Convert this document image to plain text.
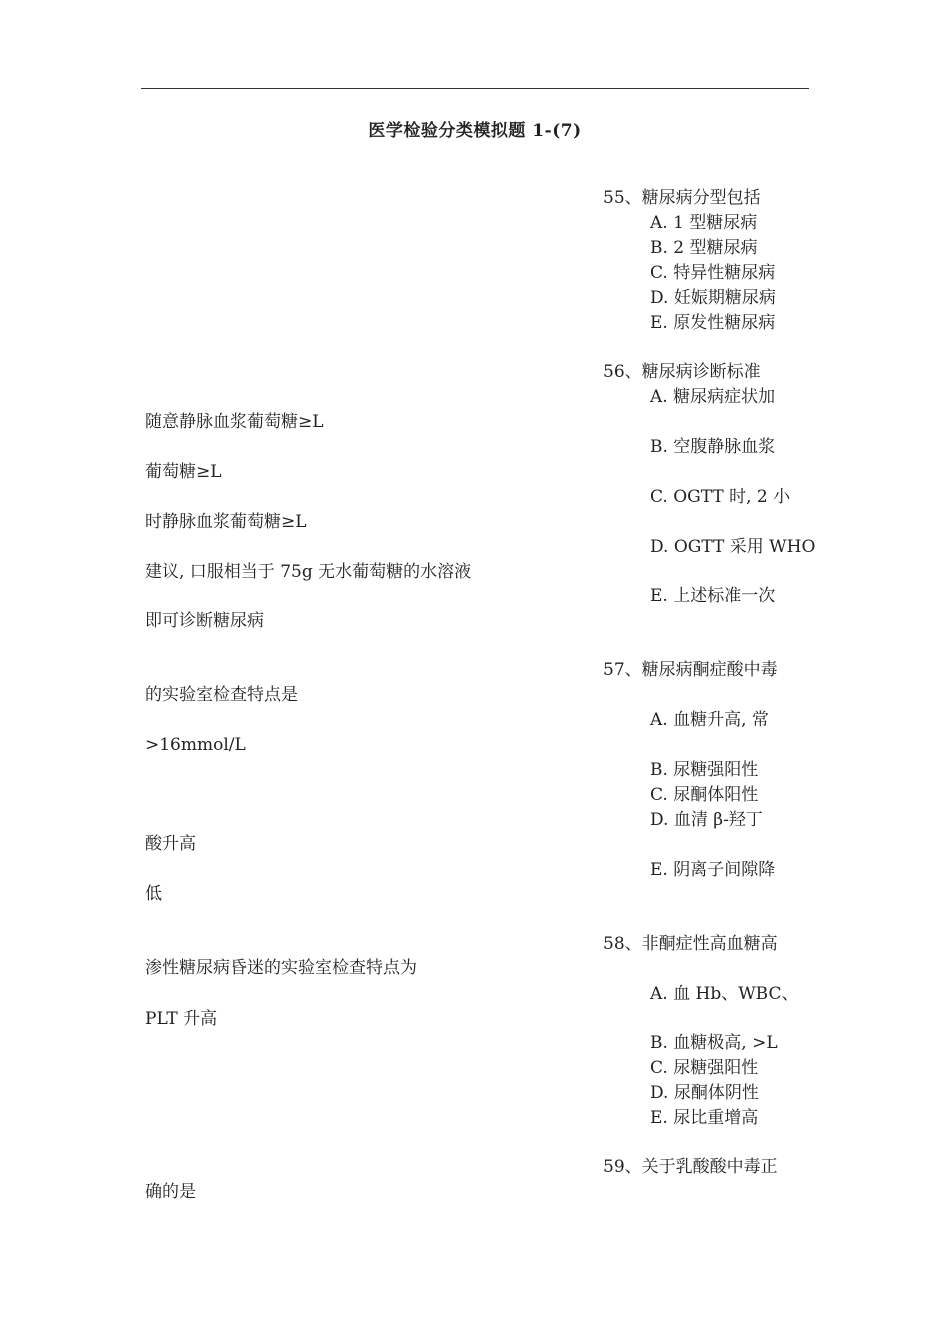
医学检验分类模拟题 1-(7)
55、糖尿病分型包括
A. 1 型糖尿病
B. 2 型糖尿病
C. 特异性糖尿病
D. 妊娠期糖尿病
E. 原发性糖尿病
56、糖尿病诊断标准
A. 糖尿病症状加
B. 空腹静脉血浆
C. OGTT 时, 2 小
D. OGTT 采用 WHO
E. 上述标准一次
57、糖尿病酮症酸中毒
A. 血糖升高, 常
B. 尿糖强阳性
C. 尿酮体阳性
D. 血清 β-羟丁
E. 阴离子间隙降
58、非酮症性高血糖高
A. 血 Hb、WBC、
B. 血糖极高, >L
C. 尿糖强阳性
D. 尿酮体阴性
E. 尿比重增高
59、关于乳酸酸中毒正
随意静脉血浆葡萄糖≥L
葡萄糖≥L
时静脉血浆葡萄糖≥L
建议, 口服相当于 75g 无水葡萄糖的水溶液
即可诊断糖尿病
的实验室检查特点是
>16mmol/L
酸升高
低
渗性糖尿病昏迷的实验室检查特点为
PLT 升高
确的是
